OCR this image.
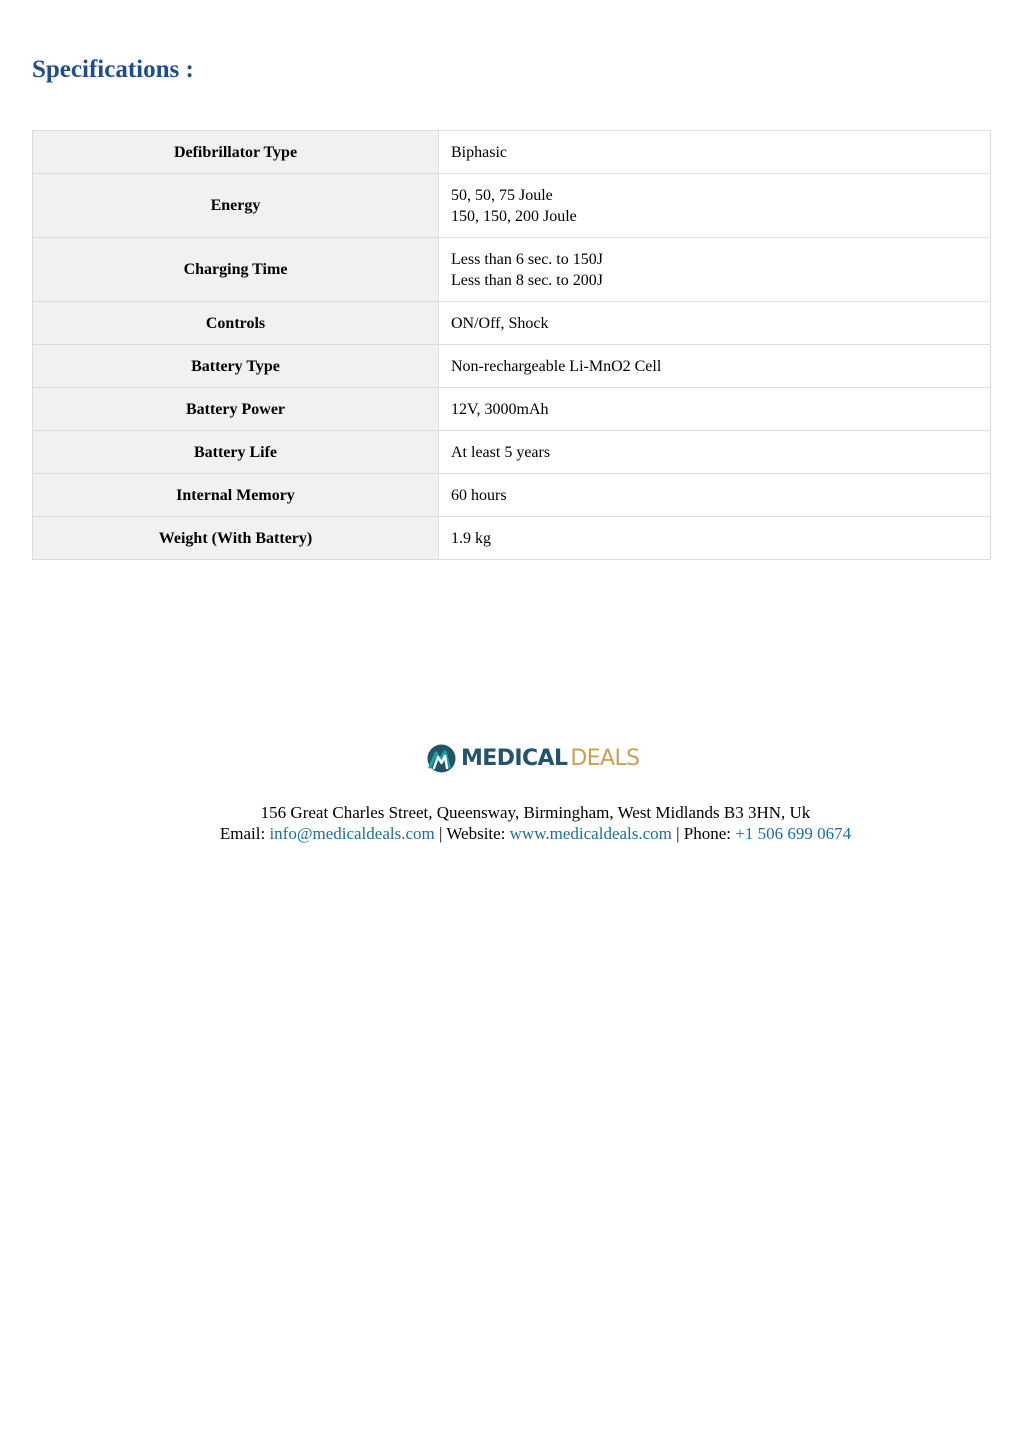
Specifications :
Defibrillator Type	Biphasic

Energy	50, 50, 75 Joule
150, 150, 200 Joule

Charging Time	Less than 6 sec. to 150J
Less than 8 sec. to 200J

Controls	ON/Off, Shock

Battery Type	Non-rechargeable Li-MnO2 Cell

Battery Power	12V, 3000mAh

Battery Life	At least 5 years

Internal Memory	60 hours

Weight (With Battery)	1.9 kg
MEDICAL DEALS
156 Great Charles Street, Queensway, Birmingham, West Midlands B3 3HN, Uk
Email: info@medicaldeals.com | Website: www.medicaldeals.com | Phone: +1 506 699 0674
